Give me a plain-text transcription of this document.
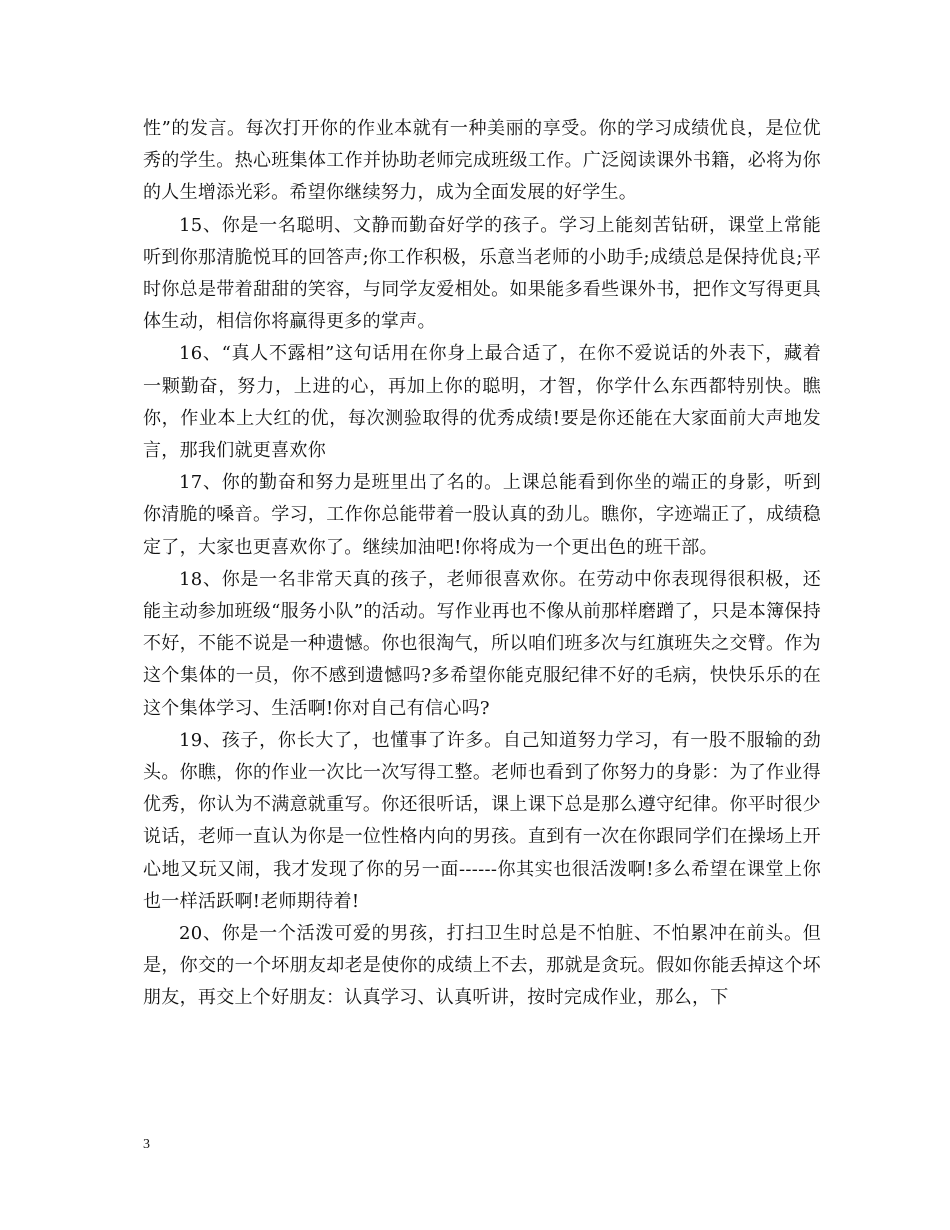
性”的发言。每次打开你的作业本就有一种美丽的享受。你的学习成绩优良，是位优秀的学生。热心班集体工作并协助老师完成班级工作。广泛阅读课外书籍，必将为你的人生增添光彩。希望你继续努力，成为全面发展的好学生。

15、你是一名聪明、文静而勤奋好学的孩子。学习上能刻苦钻研，课堂上常能听到你那清脆悦耳的回答声;你工作积极，乐意当老师的小助手;成绩总是保持优良;平时你总是带着甜甜的笑容，与同学友爱相处。如果能多看些课外书，把作文写得更具体生动，相信你将赢得更多的掌声。

16、“真人不露相”这句话用在你身上最合适了，在你不爱说话的外表下，藏着一颗勤奋，努力，上进的心，再加上你的聪明，才智，你学什么东西都特别快。瞧你，作业本上大红的优，每次测验取得的优秀成绩!要是你还能在大家面前大声地发言，那我们就更喜欢你

17、你的勤奋和努力是班里出了名的。上课总能看到你坐的端正的身影，听到你清脆的嗓音。学习，工作你总能带着一股认真的劲儿。瞧你，字迹端正了，成绩稳定了，大家也更喜欢你了。继续加油吧!你将成为一个更出色的班干部。

18、你是一名非常天真的孩子，老师很喜欢你。在劳动中你表现得很积极，还能主动参加班级“服务小队”的活动。写作业再也不像从前那样磨蹭了，只是本簿保持不好，不能不说是一种遗憾。你也很淘气，所以咱们班多次与红旗班失之交臂。作为这个集体的一员，你不感到遗憾吗?多希望你能克服纪律不好的毛病，快快乐乐的在这个集体学习、生活啊!你对自己有信心吗?

19、孩子，你长大了，也懂事了许多。自己知道努力学习，有一股不服输的劲头。你瞧，你的作业一次比一次写得工整。老师也看到了你努力的身影：为了作业得优秀，你认为不满意就重写。你还很听话，课上课下总是那么遵守纪律。你平时很少说话，老师一直认为你是一位性格内向的男孩。直到有一次在你跟同学们在操场上开心地又玩又闹，我才发现了你的另一面------你其实也很活泼啊!多么希望在课堂上你也一样活跃啊!老师期待着!

20、你是一个活泼可爱的男孩，打扫卫生时总是不怕脏、不怕累冲在前头。但是，你交的一个坏朋友却老是使你的成绩上不去，那就是贪玩。假如你能丢掉这个坏朋友，再交上个好朋友：认真学习、认真听讲，按时完成作业，那么，下

3
